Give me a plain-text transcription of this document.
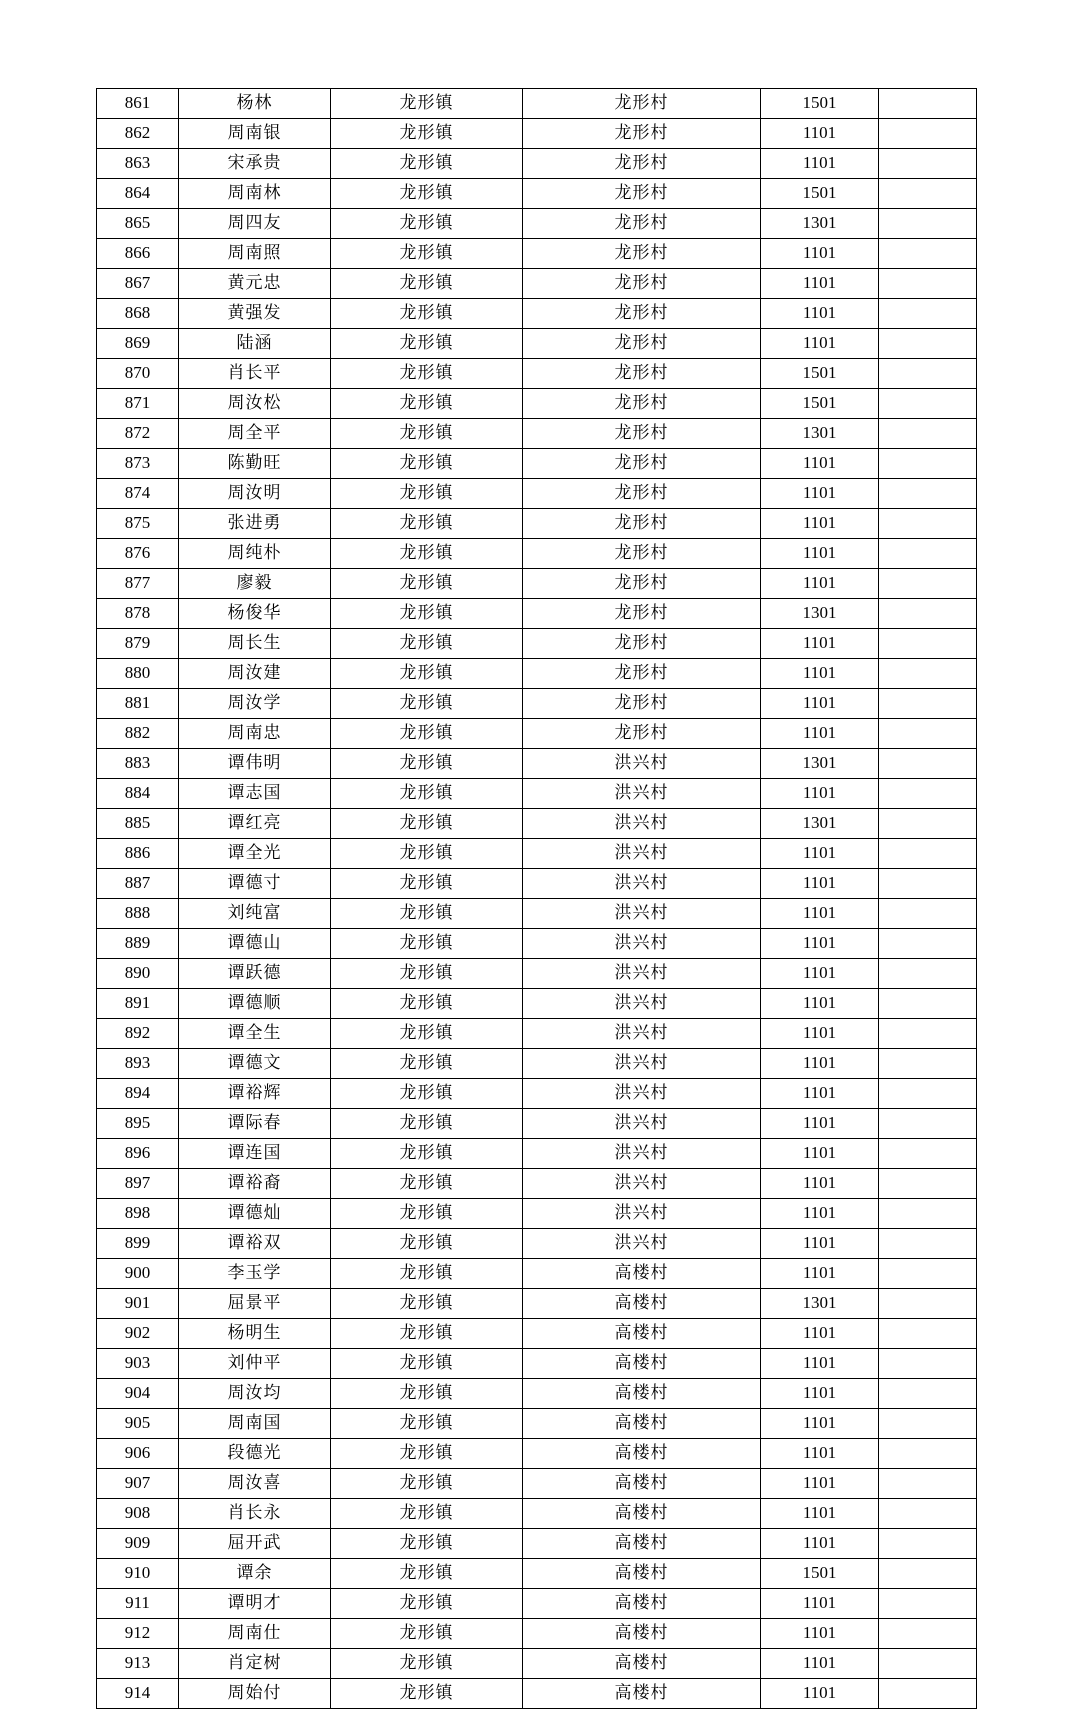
861	杨林	龙形镇	龙形村	1501	
862	周南银	龙形镇	龙形村	1101	
863	宋承贵	龙形镇	龙形村	1101	
864	周南林	龙形镇	龙形村	1501	
865	周四友	龙形镇	龙形村	1301	
866	周南照	龙形镇	龙形村	1101	
867	黄元忠	龙形镇	龙形村	1101	
868	黄强发	龙形镇	龙形村	1101	
869	陆涵	龙形镇	龙形村	1101	
870	肖长平	龙形镇	龙形村	1501	
871	周汝松	龙形镇	龙形村	1501	
872	周全平	龙形镇	龙形村	1301	
873	陈勤旺	龙形镇	龙形村	1101	
874	周汝明	龙形镇	龙形村	1101	
875	张进勇	龙形镇	龙形村	1101	
876	周纯朴	龙形镇	龙形村	1101	
877	廖毅	龙形镇	龙形村	1101	
878	杨俊华	龙形镇	龙形村	1301	
879	周长生	龙形镇	龙形村	1101	
880	周汝建	龙形镇	龙形村	1101	
881	周汝学	龙形镇	龙形村	1101	
882	周南忠	龙形镇	龙形村	1101	
883	谭伟明	龙形镇	洪兴村	1301	
884	谭志国	龙形镇	洪兴村	1101	
885	谭红亮	龙形镇	洪兴村	1301	
886	谭全光	龙形镇	洪兴村	1101	
887	谭德寸	龙形镇	洪兴村	1101	
888	刘纯富	龙形镇	洪兴村	1101	
889	谭德山	龙形镇	洪兴村	1101	
890	谭跃德	龙形镇	洪兴村	1101	
891	谭德顺	龙形镇	洪兴村	1101	
892	谭全生	龙形镇	洪兴村	1101	
893	谭德文	龙形镇	洪兴村	1101	
894	谭裕辉	龙形镇	洪兴村	1101	
895	谭际春	龙形镇	洪兴村	1101	
896	谭连国	龙形镇	洪兴村	1101	
897	谭裕裔	龙形镇	洪兴村	1101	
898	谭德灿	龙形镇	洪兴村	1101	
899	谭裕双	龙形镇	洪兴村	1101	
900	李玉学	龙形镇	高楼村	1101	
901	屈景平	龙形镇	高楼村	1301	
902	杨明生	龙形镇	高楼村	1101	
903	刘仲平	龙形镇	高楼村	1101	
904	周汝均	龙形镇	高楼村	1101	
905	周南国	龙形镇	高楼村	1101	
906	段德光	龙形镇	高楼村	1101	
907	周汝喜	龙形镇	高楼村	1101	
908	肖长永	龙形镇	高楼村	1101	
909	屈开武	龙形镇	高楼村	1101	
910	谭余	龙形镇	高楼村	1501	
911	谭明才	龙形镇	高楼村	1101	
912	周南仕	龙形镇	高楼村	1101	
913	肖定树	龙形镇	高楼村	1101	
914	周始付	龙形镇	高楼村	1101	
